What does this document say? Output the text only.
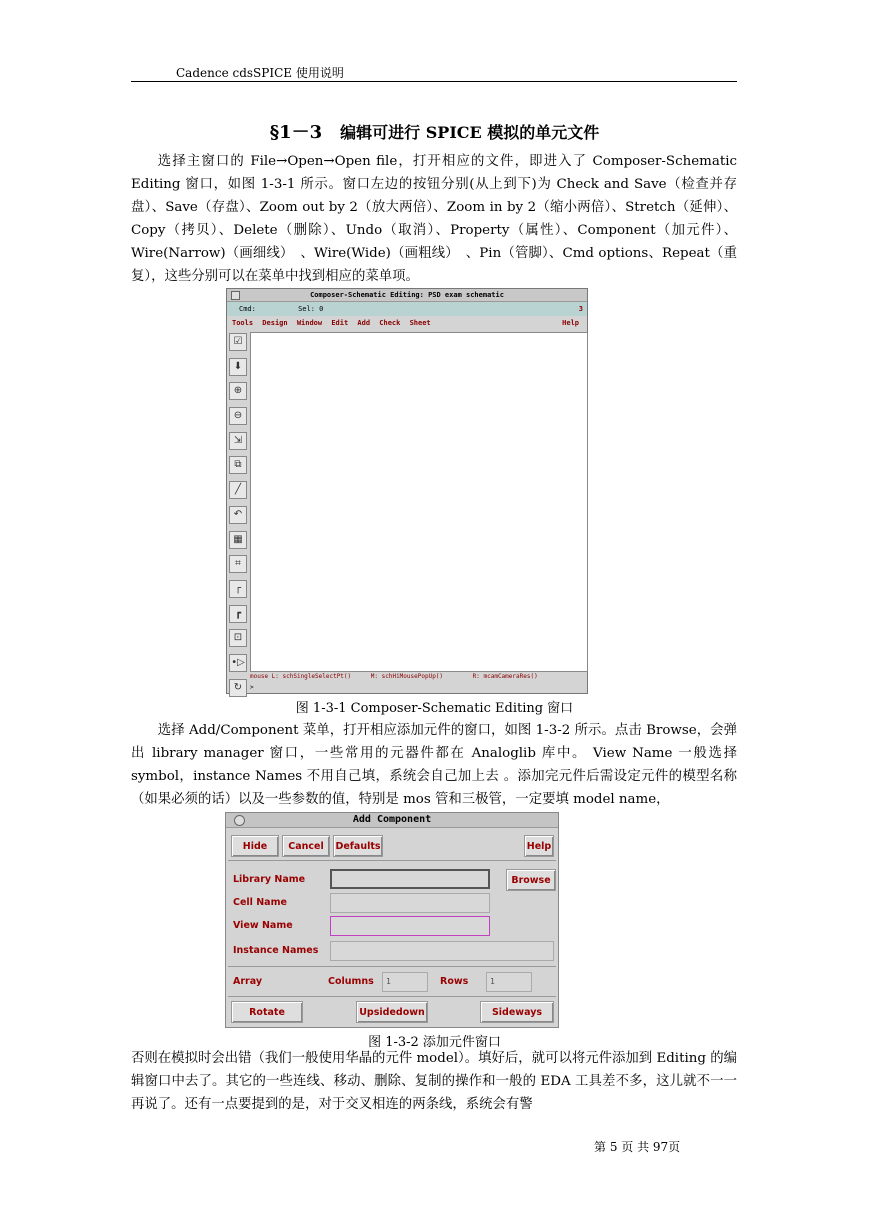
Cadence cdsSPICE 使用说明
§1－3 编辑可进行 SPICE 模拟的单元文件
选择主窗口的 File→Open→Open file，打开相应的文件，即进入了 Composer-Schematic Editing 窗口，如图 1-3-1 所示。窗口左边的按钮分别(从上到下)为 Check and Save（检查并存盘）、Save（存盘）、Zoom out by 2（放大两倍）、Zoom in by 2（缩小两倍）、Stretch（延伸）、Copy（拷贝）、Delete（删除）、Undo（取消）、Property（属性）、Component（加元件）、Wire(Narrow)（画细线）　、Wire(Wide)（画粗线）　、Pin（管脚）、Cmd options、Repeat（重复），这些分别可以在菜单中找到相应的菜单项。
Composer-Schematic Editing: PSD exam schematic
Cmd:	Sel: 0	3
Tools Design Window Edit Add Check Sheet	Help
☑
⬇
⊕
⊖
⇲
⧉
╱
↶
▦
⌗
┌
┏
⊡
•▷
↻
mouse L: schSingleSelectPt()	M: schHiMousePopUp()	R: mcamCameraRes()
>
图 1-3-1 Composer-Schematic Editing 窗口
选择 Add/Component 菜单，打开相应添加元件的窗口，如图 1-3-2 所示。点击 Browse，会弹出 library manager 窗口，一些常用的元器件都在 Analoglib 库中。 View Name 一般选择 symbol，instance Names 不用自己填，系统会自己加上去 。添加完元件后需设定元件的模型名称（如果必须的话）以及一些参数的值，特别是 mos 管和三极管，一定要填 model name，
Add Component
Hide	Cancel	Defaults	Help
Library Name	Browse
Cell Name
View Name
Instance Names
Array	Columns	1	Rows	1
Rotate	Upsidedown	Sideways
图 1-3-2 添加元件窗口
否则在模拟时会出错（我们一般使用华晶的元件 model）。填好后，就可以将元件添加到 Editing 的编辑窗口中去了。其它的一些连线、移动、删除、复制的操作和一般的 EDA 工具差不多，这儿就不一一再说了。还有一点要提到的是，对于交叉相连的两条线，系统会有警
第 5 页 共 97页
